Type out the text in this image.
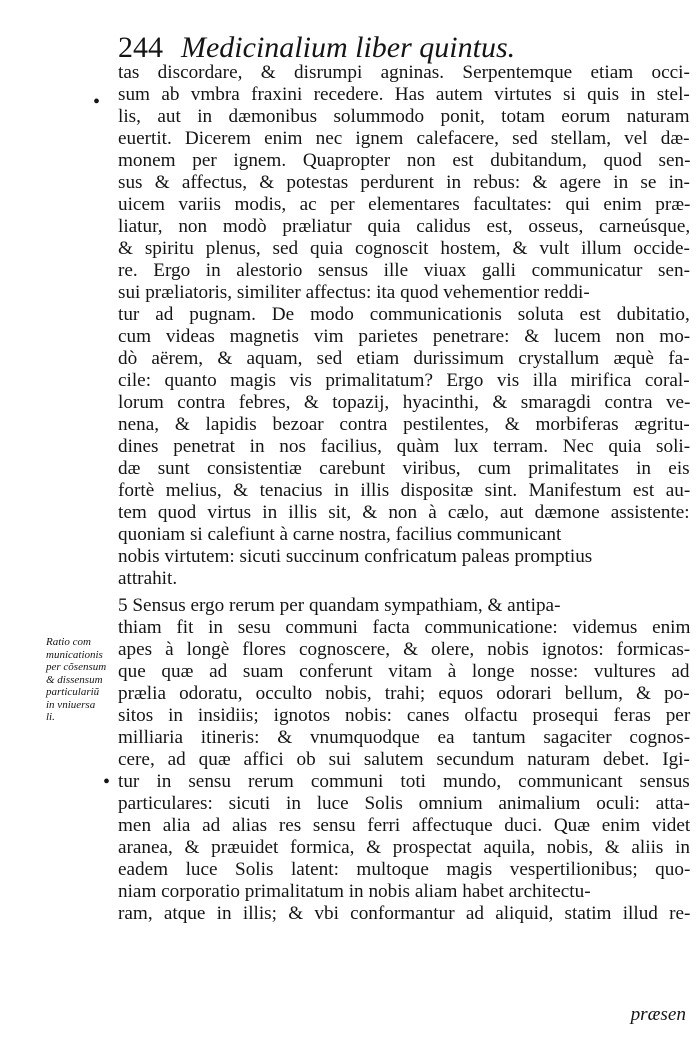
244 Medicinalium liber quintus.
•
•
tas discordare, & disrumpi agninas. Serpentemque etiam occi-
sum ab vmbra fraxini recedere. Has autem virtutes si quis in stel-
lis, aut in dæmonibus solummodo ponit, totam eorum naturam
euertit. Dicerem enim nec ignem calefacere, sed stellam, vel dæ-
monem per ignem. Quapropter non est dubitandum, quod sen-
sus & affectus, & potestas perdurent in rebus: & agere in se in-
uicem variis modis, ac per elementares facultates: qui enim præ-
liatur, non modò præliatur quia calidus est, osseus, carneúsque,
& spiritu plenus, sed quia cognoscit hostem, & vult illum occide-
re. Ergo in alestorio sensus ille viuax galli communicatur sen-
sui præliatoris, similiter affectus: ita quod vehementior reddi-
tur ad pugnam. De modo communicationis soluta est dubitatio,
cum videas magnetis vim parietes penetrare: & lucem non mo-
dò aërem, & aquam, sed etiam durissimum crystallum æquè fa-
cile: quanto magis vis primalitatum? Ergo vis illa mirifica coral-
lorum contra febres, & topazij, hyacinthi, & smaragdi contra ve-
nena, & lapidis bezoar contra pestilentes, & morbiferas ægritu-
dines penetrat in nos facilius, quàm lux terram. Nec quia soli-
dæ sunt consistentiæ carebunt viribus, cum primalitates in eis
fortè melius, & tenacius in illis dispositæ sint. Manifestum est au-
tem quod virtus in illis sit, & non à cælo, aut dæmone assistente:
quoniam si calefiunt à carne nostra, facilius communicant
nobis virtutem: sicuti succinum confricatum paleas promptius
attrahit.
5 Sensus ergo rerum per quandam sympathiam, & antipa-
thiam fit in sesu communi facta communicatione: videmus enim
apes à longè flores cognoscere, & olere, nobis ignotos: formicas-
que quæ ad suam conferunt vitam à longe nosse: vultures ad
prælia odoratu, occulto nobis, trahi; equos odorari bellum, & po-
sitos in insidiis; ignotos nobis: canes olfactu prosequi feras per
milliaria itineris: & vnumquodque ea tantum sagaciter cognos-
cere, ad quæ affici ob sui salutem secundum naturam debet. Igi-
tur in sensu rerum communi toti mundo, communicant sensus
particulares: sicuti in luce Solis omnium animalium oculi: atta-
men alia ad alias res sensu ferri affectuque duci. Quæ enim videt
aranea, & præuidet formica, & prospectat aquila, nobis, & aliis in
eadem luce Solis latent: multoque magis vespertilionibus; quo-
niam corporatio primalitatum in nobis aliam habet architectu-
ram, atque in illis; & vbi conformantur ad aliquid, statim illud re-
Ratio com
municationis
per cõsensum
& dissensum
particulariũ
in vniuersa
li.
præsen
